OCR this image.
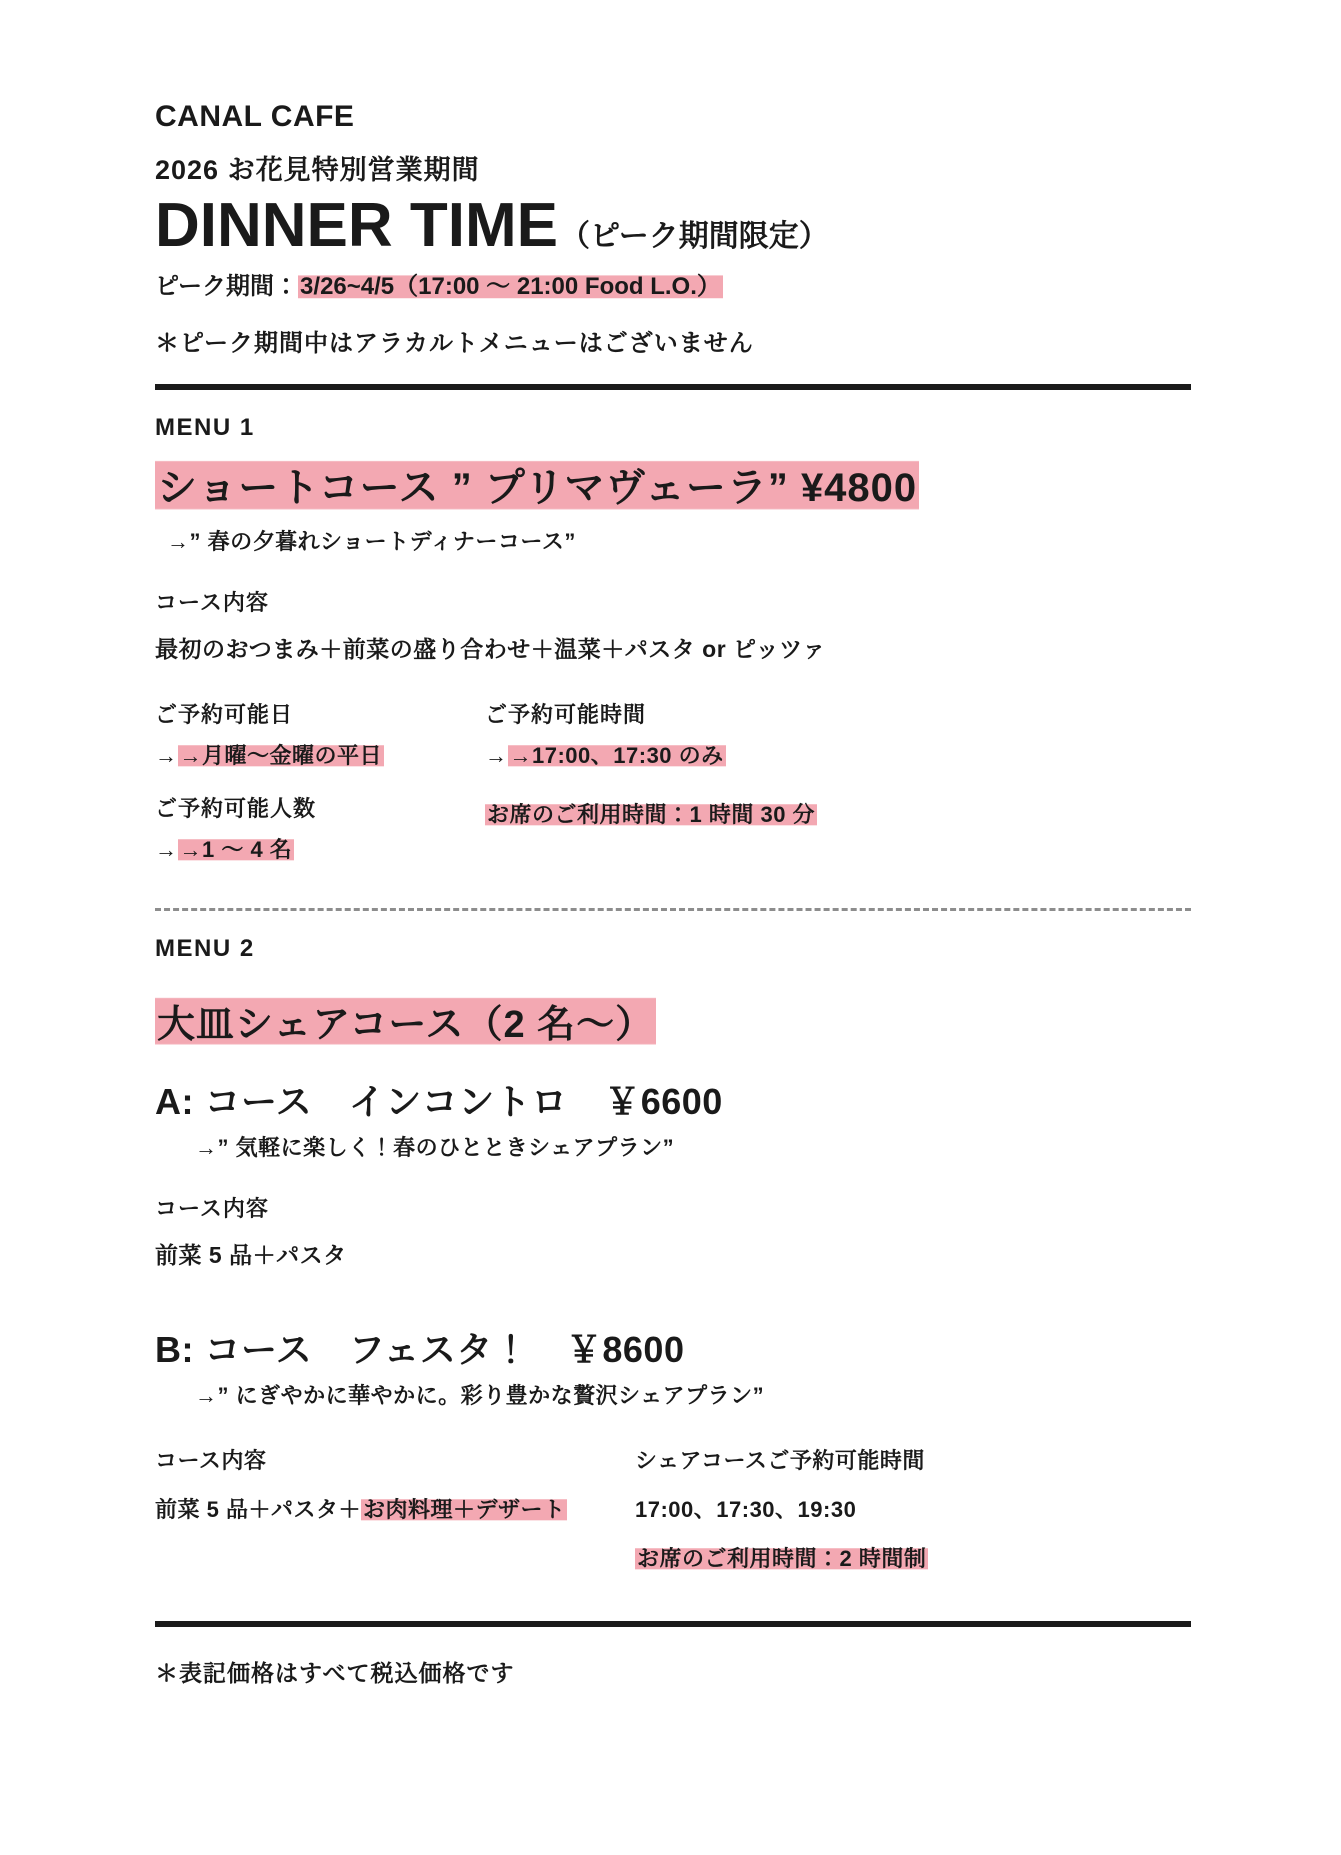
CANAL CAFE

2026 お花見特別営業期間

DINNER TIME （ピーク期間限定）

ピーク期間：3/26~4/5（17:00 〜 21:00 Food L.O.）

＊ピーク期間中はアラカルトメニューはございません

MENU 1

ショートコース ” プリマヴェーラ” ¥4800

→” 春の夕暮れショートディナーコース”

コース内容

最初のおつまみ＋前菜の盛り合わせ＋温菜＋パスタ or ピッツァ

ご予約可能日

→→月曜〜金曜の平日

ご予約可能人数

→→1 〜 4 名

ご予約可能時間

→→17:00、17:30 のみ

お席のご利用時間：1 時間 30 分

MENU 2

大皿シェアコース（2 名〜）

A: コース　インコントロ　￥6600

→” 気軽に楽しく！春のひとときシェアプラン”

コース内容

前菜 5 品＋パスタ

B: コース　フェスタ！　￥8600

→” にぎやかに華やかに。彩り豊かな贅沢シェアプラン”

コース内容

前菜 5 品＋パスタ＋お肉料理＋デザート

シェアコースご予約可能時間

17:00、17:30、19:30

お席のご利用時間：2 時間制

＊表記価格はすべて税込価格です
